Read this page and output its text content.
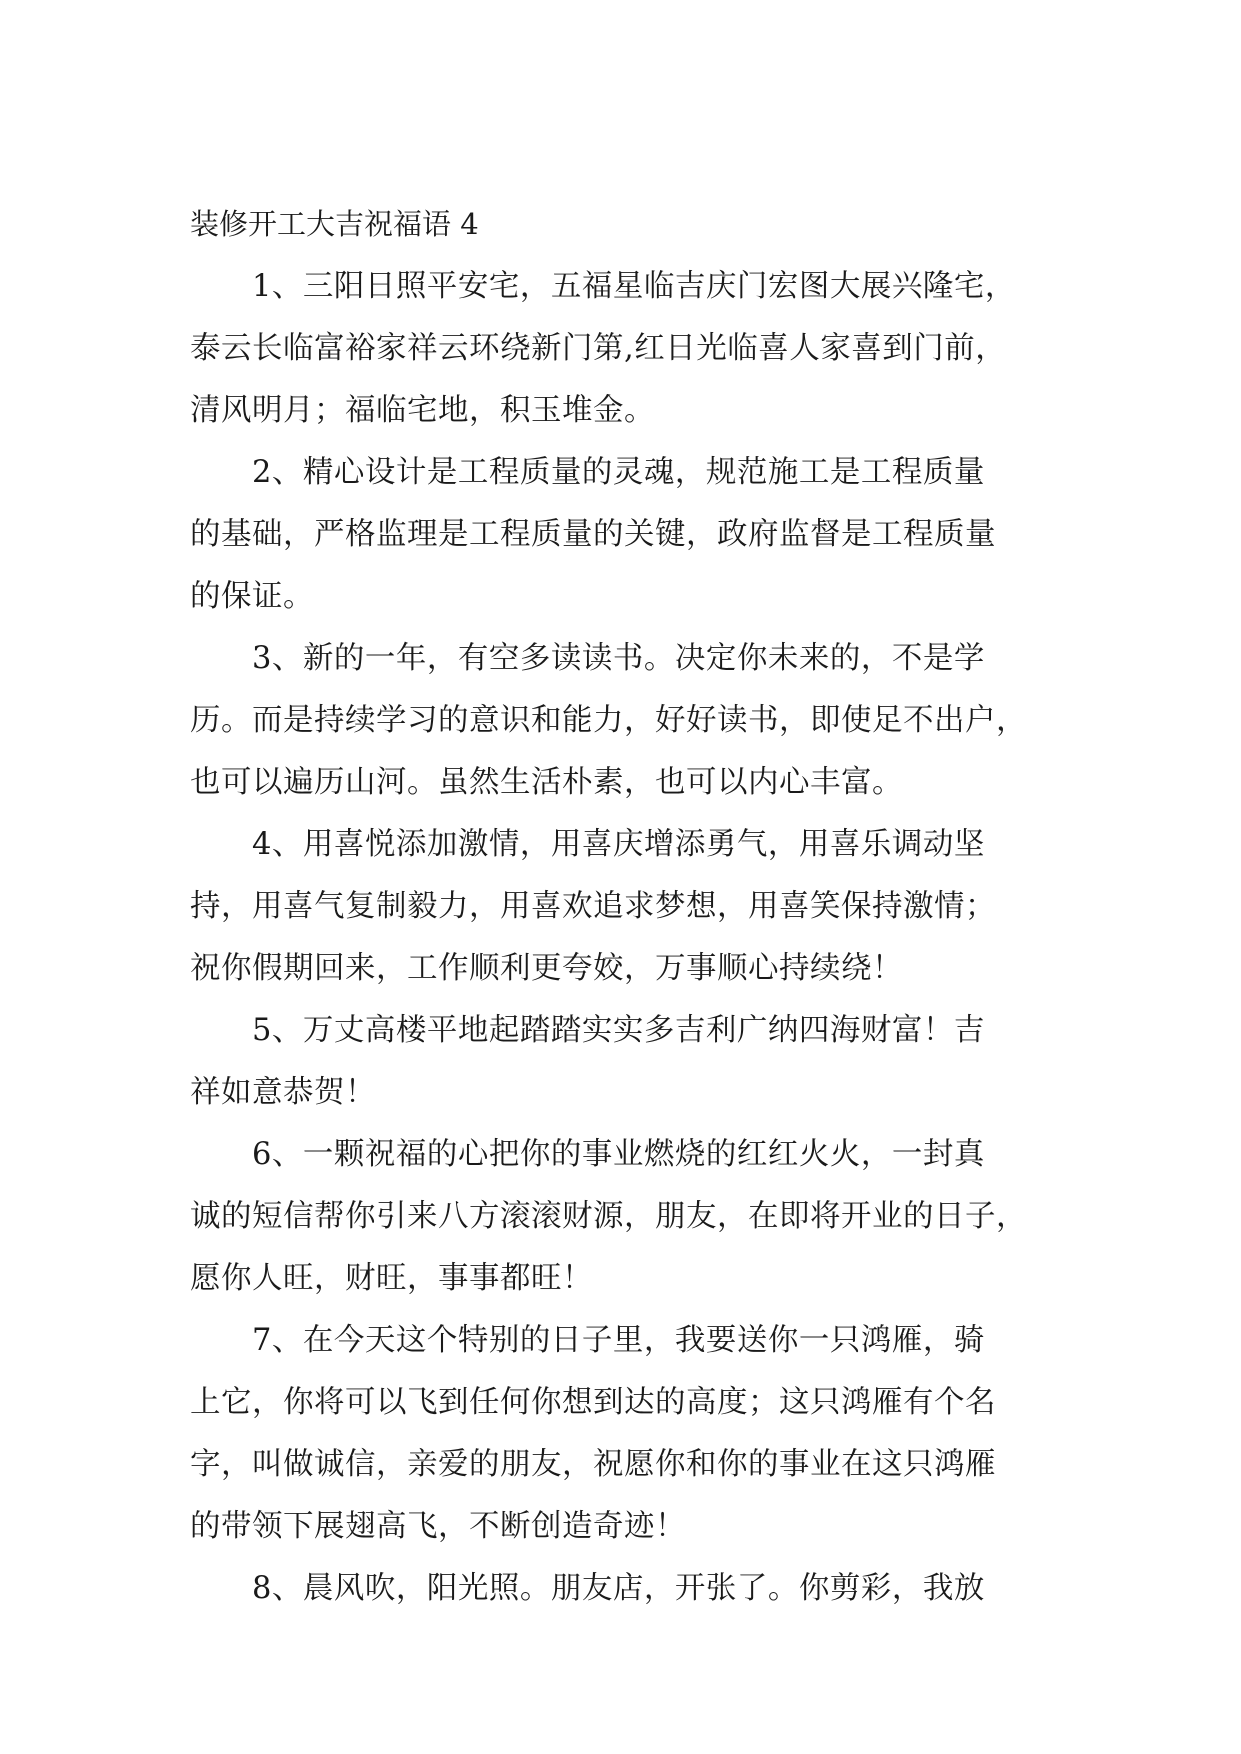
装修开工大吉祝福语 4
1、三阳日照平安宅，五福星临吉庆门宏图大展兴隆宅，
泰云长临富裕家祥云环绕新门第,红日光临喜人家喜到门前，
清风明月；福临宅地，积玉堆金。
2、精心设计是工程质量的灵魂，规范施工是工程质量
的基础，严格监理是工程质量的关键，政府监督是工程质量
的保证。
3、新的一年，有空多读读书。决定你未来的，不是学
历。而是持续学习的意识和能力，好好读书，即使足不出户，
也可以遍历山河。虽然生活朴素，也可以内心丰富。
4、用喜悦添加激情，用喜庆增添勇气，用喜乐调动坚
持，用喜气复制毅力，用喜欢追求梦想，用喜笑保持激情；
祝你假期回来，工作顺利更夸姣，万事顺心持续绕！
5、万丈高楼平地起踏踏实实多吉利广纳四海财富！吉
祥如意恭贺！
6、一颗祝福的心把你的事业燃烧的红红火火，一封真
诚的短信帮你引来八方滚滚财源，朋友，在即将开业的日子，
愿你人旺，财旺，事事都旺！
7、在今天这个特别的日子里，我要送你一只鸿雁，骑
上它，你将可以飞到任何你想到达的高度；这只鸿雁有个名
字，叫做诚信，亲爱的朋友，祝愿你和你的事业在这只鸿雁
的带领下展翅高飞，不断创造奇迹！
8、晨风吹，阳光照。朋友店，开张了。你剪彩，我放
